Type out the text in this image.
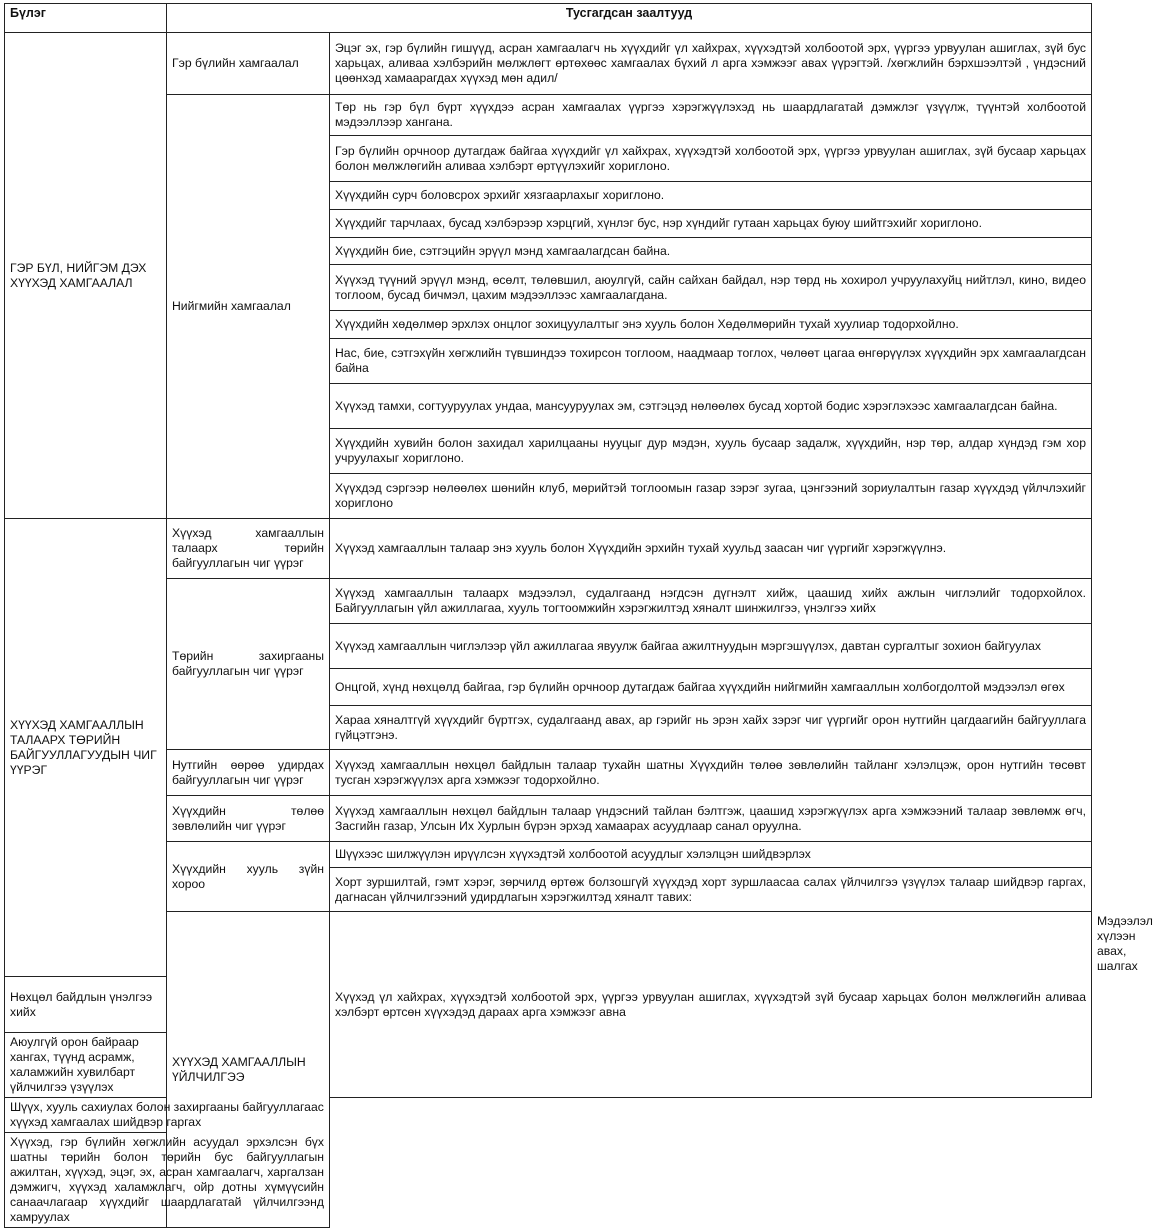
Бүлэг	Тусгагдсан заалтууд		
ГЭР БҮЛ, НИЙГЭМ ДЭХ ХҮҮХЭД ХАМГААЛАЛ	Гэр бүлийн хамгаалал	Эцэг эх, гэр бүлийн гишүүд, асран хамгаалагч нь хүүхдийг үл хайхрах, хүүхэдтэй холбоотой эрх, үүргээ урвуулан ашиглах, зүй бус харьцах, аливаа хэлбэрийн мөлжлөгт өртөхөөс хамгаалах бүхий л арга хэмжээг авах үүрэгтэй. /хөгжлийн бэрхшээлтэй , үндэсний цөөнхэд хамаарагдах хүүхэд мөн адил/	
	Нийгмийн хамгаалал	Төр нь гэр бүл бүрт хүүхдээ асран хамгаалах үүргээ хэрэгжүүлэхэд нь шаардлагатай дэмжлэг үзүүлж, түүнтэй холбоотой мэдээллээр хангана.	
		Гэр бүлийн орчноор дутагдаж байгаа хүүхдийг үл хайхрах, хүүхэдтэй холбоотой эрх, үүргээ урвуулан ашиглах, зүй бусаар харьцах болон мөлжлөгийн аливаа хэлбэрт өртүүлэхийг хориглоно.	
		Хүүхдийн сурч боловсрох эрхийг хязгаарлахыг хориглоно.	
		Хүүхдийг тарчлаах, бусад хэлбэрээр хэрцгий, хүнлэг бус, нэр хүндийг гутаан харьцах буюу шийтгэхийг хориглоно.	
		Хүүхдийн бие, сэтгэцийн эрүүл мэнд хамгаалагдсан байна.	
		Хүүхэд түүний эрүүл мэнд, өсөлт, төлөвшил, аюулгүй, сайн сайхан байдал, нэр төрд нь хохирол учруулахуйц нийтлэл, кино, видео тоглоом, бусад бичмэл, цахим мэдээллээс хамгаалагдана.	
		Хүүхдийн хөдөлмөр эрхлэх онцлог зохицуулалтыг энэ хууль болон Хөдөлмөрийн тухай хуулиар тодорхойлно.	
		Нас, бие, сэтгэхүйн хөгжлийн түвшиндээ тохирсон тоглоом, наадмаар тоглох, чөлөөт цагаа өнгөрүүлэх хүүхдийн эрх хамгаалагдсан байна	
		Хүүхэд тамхи, согтууруулах ундаа, мансууруулах эм, сэтгэцэд нөлөөлөх бусад хортой бодис хэрэглэхээс хамгаалагдсан байна.	
		Хүүхдийн хувийн болон захидал харилцааны нууцыг дур мэдэн, хууль бусаар задалж, хүүхдийн, нэр төр, алдар хүндэд гэм хор учруулахыг хориглоно.	
		Хүүхдэд сэргээр нөлөөлөх шөнийн клуб, мөрийтэй тоглоомын газар зэрэг зугаа, цэнгээний зориулалтын газар хүүхдэд үйлчлэхийг хориглоно	
ХҮҮХЭД ХАМГААЛЛЫН ТАЛААРХ ТӨРИЙН БАЙГУУЛЛАГУУДЫН ЧИГ ҮҮРЭГ	Хүүхэд хамгааллын талаарх төрийн байгууллагын чиг үүрэг	Хүүхэд хамгааллын талаар энэ хууль болон Хүүхдийн эрхийн тухай хуульд заасан чиг үүргийг хэрэгжүүлнэ.	
	Төрийн захиргааны байгууллагын чиг үүрэг	Хүүхэд хамгааллын талаарх мэдээлэл, судалгаанд нэгдсэн дүгнэлт хийж, цаашид хийх ажлын чиглэлийг тодорхойлох. Байгууллагын үйл ажиллагаа, хууль тогтоомжийн хэрэгжилтэд хяналт шинжилгээ, үнэлгээ хийх	
		Хүүхэд хамгааллын чиглэлээр үйл ажиллагаа явуулж байгаа ажилтнуудын мэргэшүүлэх, давтан сургалтыг зохион байгуулах	
		Онцгой, хүнд нөхцөлд байгаа, гэр бүлийн орчноор дутагдаж байгаа хүүхдийн нийгмийн хамгааллын холбогдолтой мэдээлэл өгөх	
		Хараа хяналтгүй хүүхдийг бүртгэх, судалгаанд авах, ар гэрийг нь эрэн хайх зэрэг чиг үүргийг орон нутгийн цагдаагийн байгууллага гүйцэтгэнэ.	
	Нутгийн өөрөө удирдах байгууллагын чиг үүрэг	Хүүхэд хамгааллын нөхцөл байдлын талаар тухайн шатны Хүүхдийн төлөө зөвлөлийн тайланг хэлэлцэж, орон нутгийн төсөвт тусган хэрэгжүүлэх арга хэмжээг тодорхойлно.	
	Хүүхдийн төлөө зөвлөлийн чиг үүрэг	Хүүхэд хамгааллын нөхцөл байдлын талаар үндэсний тайлан бэлтгэж, цаашид хэрэгжүүлэх арга хэмжээний талаар зөвлөмж өгч, Засгийн газар, Улсын Их Хурлын бүрэн эрхэд хамаарах асуудлаар санал оруулна.	
	Хүүхдийн хууль зүйн хороо	Шүүхээс шилжүүлэн ирүүлсэн хүүхэдтэй холбоотой асуудлыг хэлэлцэн шийдвэрлэх	
		Хорт зуршилтай, гэмт хэрэг, зөрчилд өртөж болзошгүй хүүхдэд хорт зуршлаасаа салах үйлчилгээ үзүүлэх талаар шийдвэр гаргах, дагнасан үйлчилгээний удирдлагын хэрэгжилтэд хяналт тавих:	
	ХҮҮХЭД ХАМГААЛЛЫН ҮЙЛЧИЛГЭЭ	Хүүхэд үл хайхрах, хүүхэдтэй холбоотой эрх, үүргээ урвуулан ашиглах, хүүхэдтэй зүй бусаар харьцах болон мөлжлөгийн аливаа хэлбэрт өртсөн хүүхэдэд дараах арга хэмжээг авна	Мэдээлэл хүлээн авах, шалгах
Нөхцөл байдлын үнэлгээ хийх			
Аюулгүй орон байраар хангах, түүнд асрамж, халамжийн хувилбарт үйлчилгээ үзүүлэх			
Шүүх, хууль сахиулах болон захиргааны байгууллагаас хүүхэд хамгаалах шийдвэр гаргах			
Хүүхэд, гэр бүлийн хөгжлийн асуудал эрхэлсэн бүх шатны төрийн болон төрийн бус байгууллагын ажилтан, хүүхэд, эцэг, эх, асран хамгаалагч, харгалзан дэмжигч, хүүхэд халамжлагч, ойр дотны хүмүүсийн санаачлагаар хүүхдийг шаардлагатай үйлчилгээнд хамруулах			
